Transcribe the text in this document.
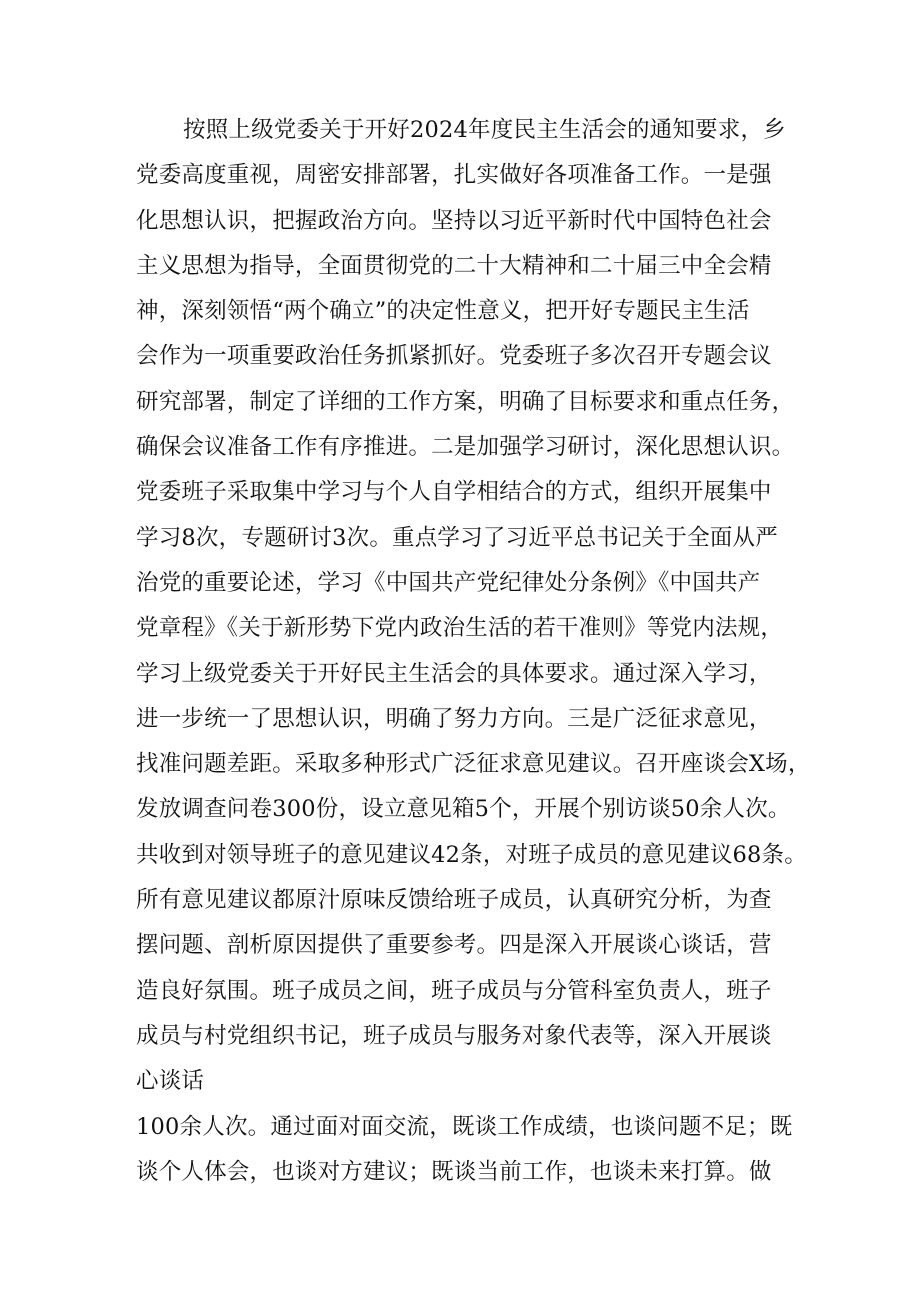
按照上级党委关于开好2024年度民主生活会的通知要求，乡
党委高度重视，周密安排部署，扎实做好各项准备工作。一是强
化思想认识，把握政治方向。坚持以习近平新时代中国特色社会
主义思想为指导，全面贯彻党的二十大精神和二十届三中全会精
神，深刻领悟“两个确立”的决定性意义，把开好专题民主生活
会作为一项重要政治任务抓紧抓好。党委班子多次召开专题会议
研究部署，制定了详细的工作方案，明确了目标要求和重点任务，
确保会议准备工作有序推进。二是加强学习研讨，深化思想认识。
党委班子采取集中学习与个人自学相结合的方式，组织开展集中
学习8次，专题研讨3次。重点学习了习近平总书记关于全面从严
治党的重要论述，学习《中国共产党纪律处分条例》《中国共产
党章程》《关于新形势下党内政治生活的若干准则》等党内法规，
学习上级党委关于开好民主生活会的具体要求。通过深入学习，
进一步统一了思想认识，明确了努力方向。三是广泛征求意见，
找准问题差距。采取多种形式广泛征求意见建议。召开座谈会X场，
发放调查问卷300份，设立意见箱5个，开展个别访谈50余人次。
共收到对领导班子的意见建议42条，对班子成员的意见建议68条。
所有意见建议都原汁原味反馈给班子成员，认真研究分析，为查
摆问题、剖析原因提供了重要参考。四是深入开展谈心谈话，营
造良好氛围。班子成员之间，班子成员与分管科室负责人，班子
成员与村党组织书记，班子成员与服务对象代表等，深入开展谈
心谈话
100余人次。通过面对面交流，既谈工作成绩，也谈问题不足；既
谈个人体会，也谈对方建议；既谈当前工作，也谈未来打算。做
